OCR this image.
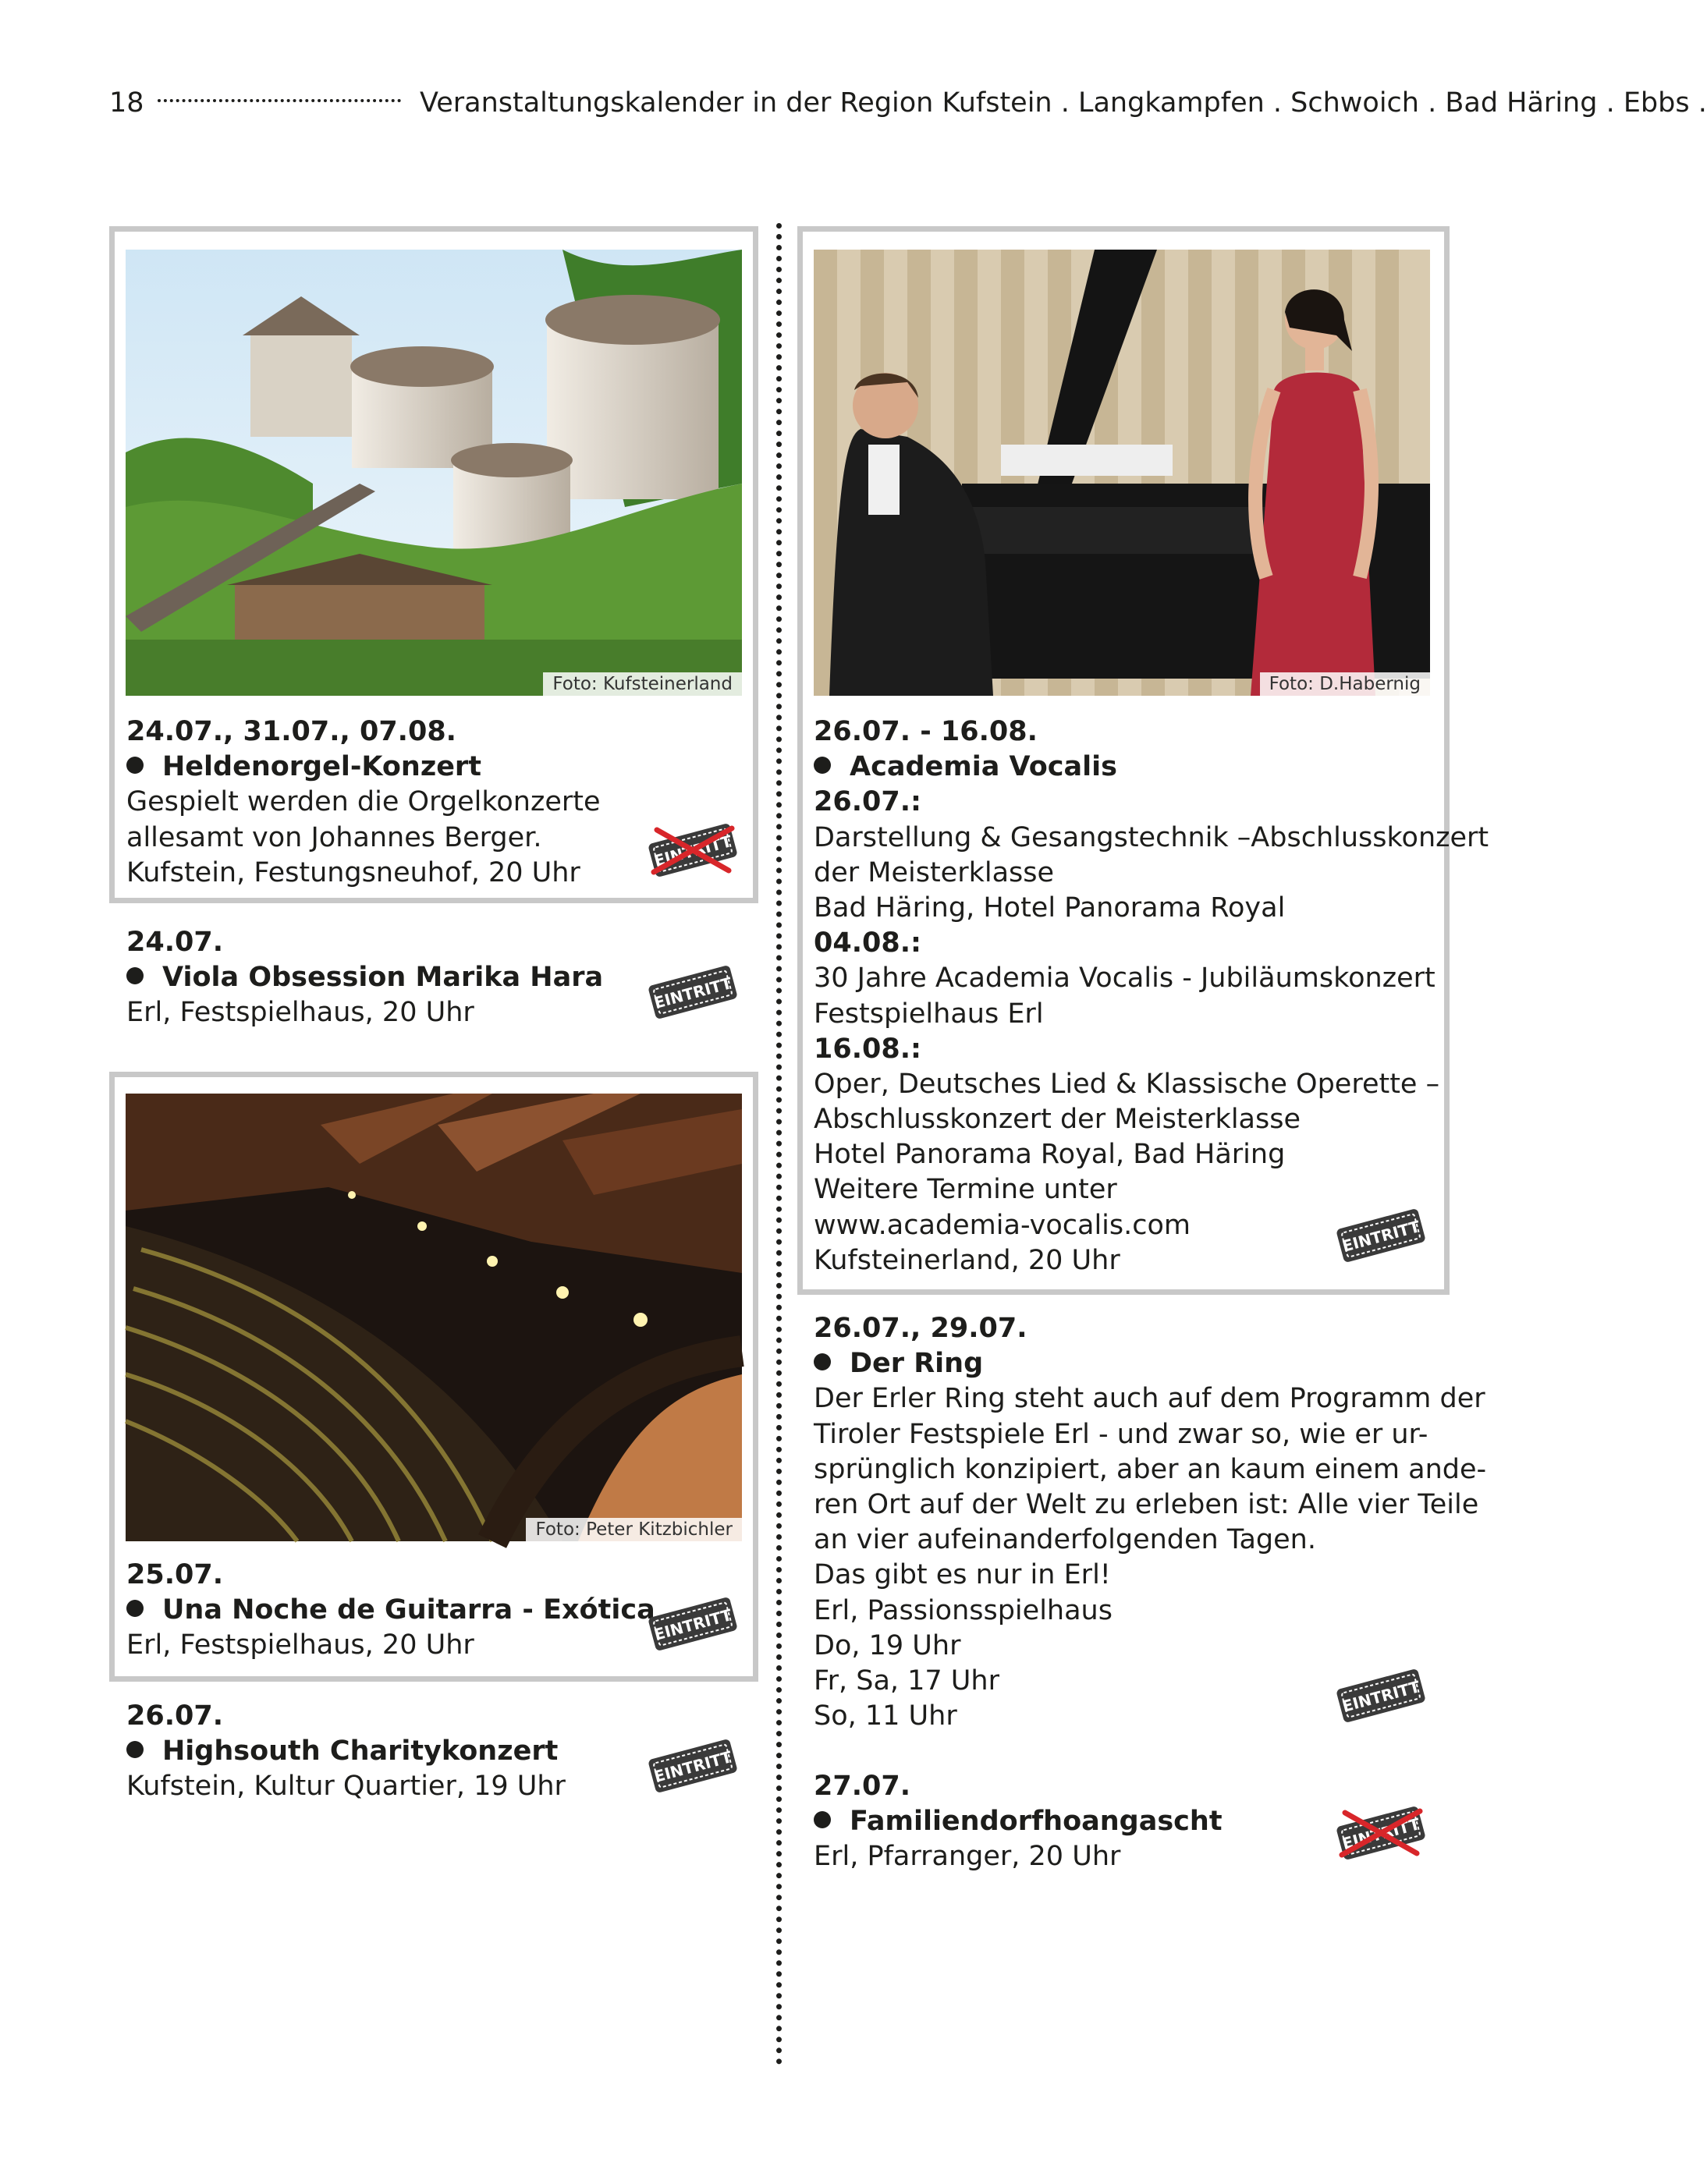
18	Veranstaltungskalender in der Region Kufstein . Langkampfen . Schwoich . Bad Häring . Ebbs .
Foto: Kufsteinerland
24.07., 31.07., 07.08.
Heldenorgel-Konzert
Gespielt werden die Orgelkonzerte
allesamt von Johannes Berger.
Kufstein, Festungsneuhof, 20 Uhr
24.07.
Viola Obsession Marika Hara
Erl, Festspielhaus, 20 Uhr
EINTRITT
Foto: Peter Kitzbichler
25.07.
Una Noche de Guitarra - Exótica
Erl, Festspielhaus, 20 Uhr
EINTRITT
26.07.
Highsouth Charitykonzert
Kufstein, Kultur Quartier, 19 Uhr
EINTRITT
Foto: D.Habernig
26.07. - 16.08.
Academia Vocalis
26.07.:
Darstellung & Gesangstechnik –Abschlusskonzert
der Meisterklasse
Bad Häring, Hotel Panorama Royal
04.08.:
30 Jahre Academia Vocalis - Jubiläumskonzert
Festspielhaus Erl
16.08.:
Oper, Deutsches Lied & Klassische Operette –
Abschlusskonzert der Meisterklasse
Hotel Panorama Royal, Bad Häring
Weitere Termine unter
www.academia-vocalis.com
Kufsteinerland, 20 Uhr
EINTRITT
26.07., 29.07.
Der Ring
Der Erler Ring steht auch auf dem Programm der
Tiroler Festspiele Erl - und zwar so, wie er ur-
sprünglich konzipiert, aber an kaum einem ande-
ren Ort auf der Welt zu erleben ist: Alle vier Teile
an vier aufeinanderfolgenden Tagen.
Das gibt es nur in Erl!
Erl, Passionsspielhaus
Do, 19 Uhr
Fr, Sa, 17 Uhr
So, 11 Uhr
EINTRITT
27.07.
Familiendorfhoangascht
Erl, Pfarranger, 20 Uhr
